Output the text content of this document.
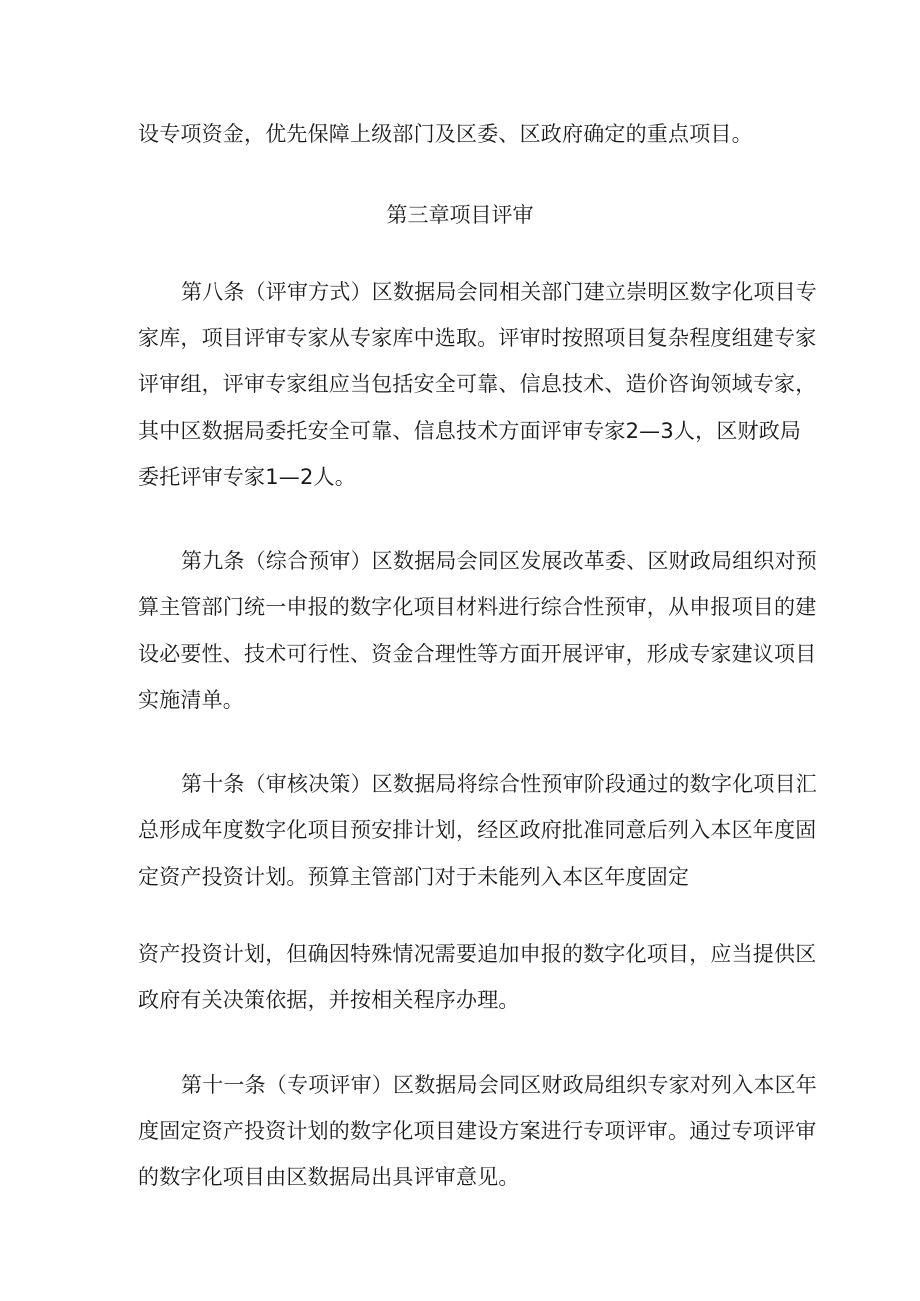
设专项资金，优先保障上级部门及区委、区政府确定的重点项目。
第三章项目评审
第八条（评审方式）区数据局会同相关部门建立崇明区数字化项目专
家库，项目评审专家从专家库中选取。评审时按照项目复杂程度组建专家
评审组，评审专家组应当包括安全可靠、信息技术、造价咨询领域专家，
其中区数据局委托安全可靠、信息技术方面评审专家2—3人，区财政局
委托评审专家1—2人。
第九条（综合预审）区数据局会同区发展改革委、区财政局组织对预
算主管部门统一申报的数字化项目材料进行综合性预审，从申报项目的建
设必要性、技术可行性、资金合理性等方面开展评审，形成专家建议项目
实施清单。
第十条（审核决策）区数据局将综合性预审阶段通过的数字化项目汇
总形成年度数字化项目预安排计划，经区政府批准同意后列入本区年度固
定资产投资计划。预算主管部门对于未能列入本区年度固定
资产投资计划，但确因特殊情况需要追加申报的数字化项目，应当提供区
政府有关决策依据，并按相关程序办理。
第十一条（专项评审）区数据局会同区财政局组织专家对列入本区年
度固定资产投资计划的数字化项目建设方案进行专项评审。通过专项评审
的数字化项目由区数据局出具评审意见。
